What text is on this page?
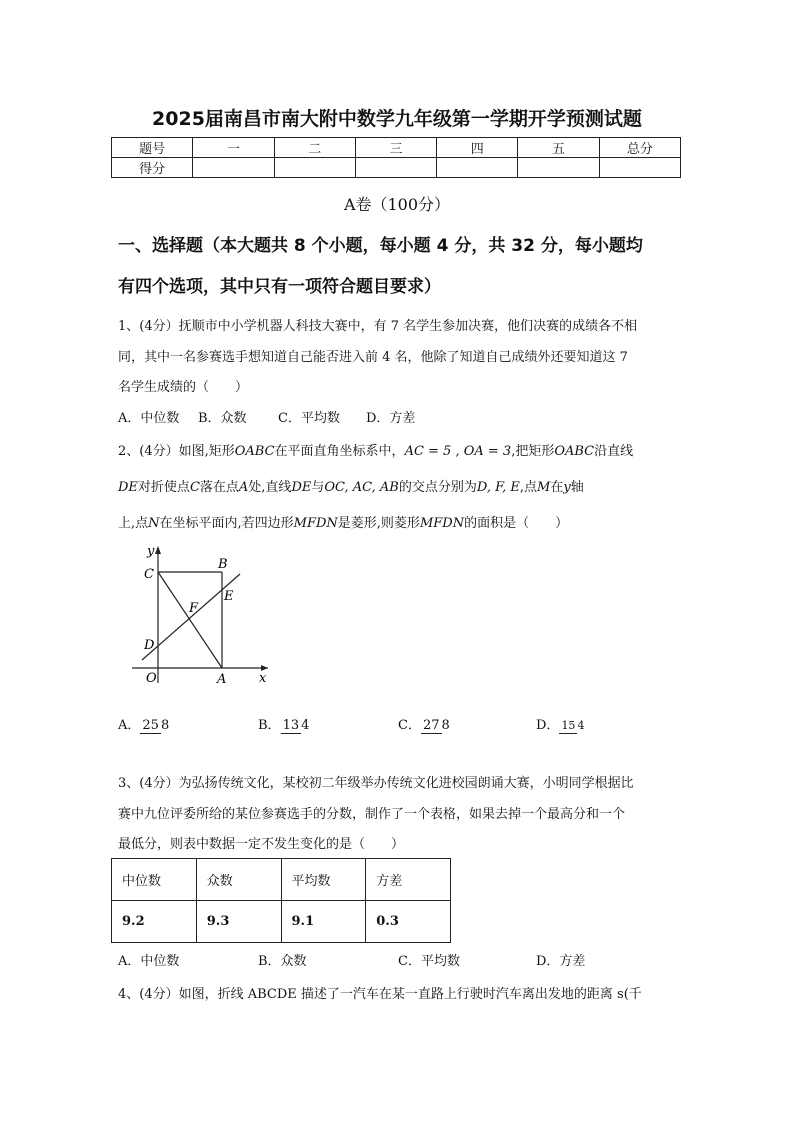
2025届南昌市南大附中数学九年级第一学期开学预测试题
题号	一	二	三	四	五	总分
得分						
A卷（100分）
一、选择题（本大题共 8 个小题，每小题 4 分，共 32 分，每小题均
有四个选项，其中只有一项符合题目要求）
1、(4分）抚顺市中小学机器人科技大赛中，有 7 名学生参加决赛，他们决赛的成绩各不相
同，其中一名参赛选手想知道自己能否进入前 4 名，他除了知道自己成绩外还要知道这 7
名学生成绩的（　　）
A．中位数 B．众数 C．平均数 D．方差
2、(4分）如图,矩形OABC在平面直角坐标系中，AC = 5 , OA = 3,把矩形OABC沿直线
DE对折使点C落在点A处,直线DE与OC, AC, AB的交点分别为D, F, E,点M在y轴
上,点N在坐标平面内,若四边形MFDN是菱形,则菱形MFDN的面积是（　　）
y
x
C
B
E
F
D
O	A
A． 25 8	B． 13 4	C． 27 8	D． 15 4
3、(4分）为弘扬传统文化，某校初二年级举办传统文化进校园朗诵大赛，小明同学根据比
赛中九位评委所给的某位参赛选手的分数，制作了一个表格，如果去掉一个最高分和一个
最低分，则表中数据一定不发生变化的是（　　）
中位数	众数	平均数	方差
9.2	9.3	9.1	0.3
A．中位数	B．众数	C．平均数	D．方差
4、(4分）如图，折线 ABCDE 描述了一汽车在某一直路上行驶时汽车离出发地的距离 s(千
